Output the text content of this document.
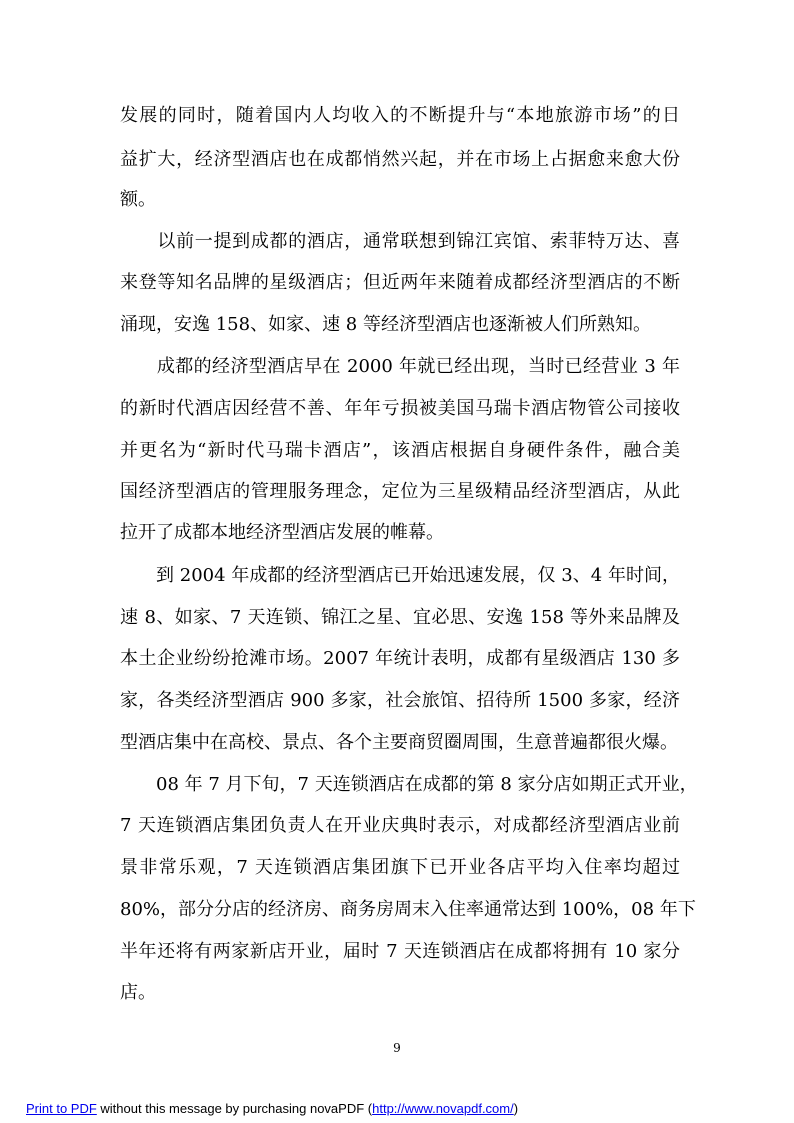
发展的同时，随着国内人均收入的不断提升与“本地旅游市场”的日
益扩大，经济型酒店也在成都悄然兴起，并在市场上占据愈来愈大份
额。
　　以前一提到成都的酒店，通常联想到锦江宾馆、索菲特万达、喜
来登等知名品牌的星级酒店；但近两年来随着成都经济型酒店的不断
涌现，安逸 158、如家、速 8 等经济型酒店也逐渐被人们所熟知。
　　成都的经济型酒店早在 2000 年就已经出现，当时已经营业 3 年
的新时代酒店因经营不善、年年亏损被美国马瑞卡酒店物管公司接收
并更名为“新时代马瑞卡酒店”，该酒店根据自身硬件条件，融合美
国经济型酒店的管理服务理念，定位为三星级精品经济型酒店，从此
拉开了成都本地经济型酒店发展的帷幕。
　　到 2004 年成都的经济型酒店已开始迅速发展，仅 3、4 年时间，
速 8、如家、7 天连锁、锦江之星、宜必思、安逸 158 等外来品牌及
本土企业纷纷抢滩市场。2007 年统计表明，成都有星级酒店 130 多
家，各类经济型酒店 900 多家，社会旅馆、招待所 1500 多家，经济
型酒店集中在高校、景点、各个主要商贸圈周围，生意普遍都很火爆。
　　08 年 7 月下旬，7 天连锁酒店在成都的第 8 家分店如期正式开业，
7 天连锁酒店集团负责人在开业庆典时表示，对成都经济型酒店业前
景非常乐观，7 天连锁酒店集团旗下已开业各店平均入住率均超过
80%，部分分店的经济房、商务房周末入住率通常达到 100%，08 年下
半年还将有两家新店开业，届时 7 天连锁酒店在成都将拥有 10 家分
店。
9
Print to PDF without this message by purchasing novaPDF (http://www.novapdf.com/)
